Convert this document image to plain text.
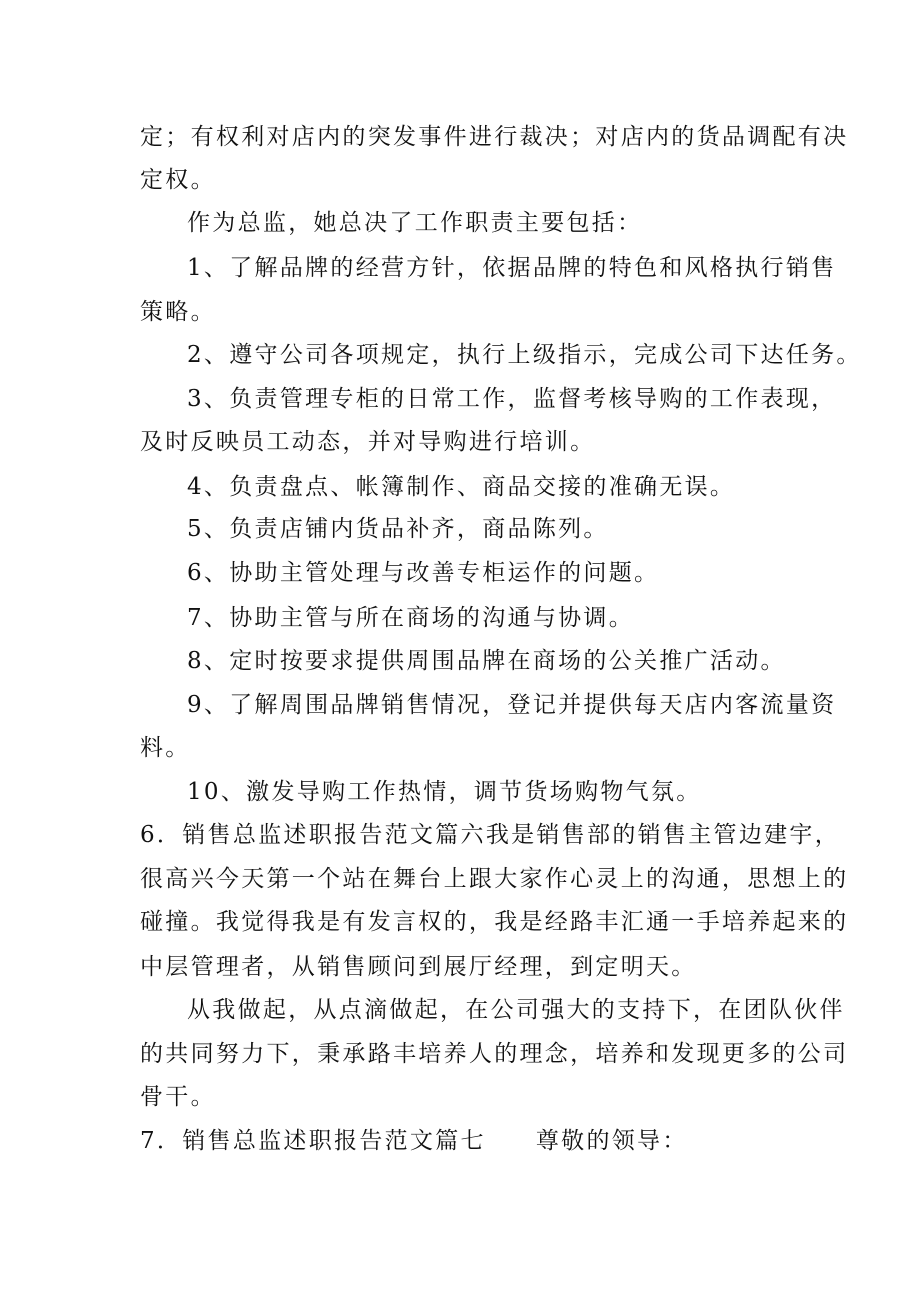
定；有权利对店内的突发事件进行裁决；对店内的货品调配有决
定权。
作为总监，她总决了工作职责主要包括：
1、了解品牌的经营方针，依据品牌的特色和风格执行销售
策略。
2、遵守公司各项规定，执行上级指示，完成公司下达任务。
3、负责管理专柜的日常工作，监督考核导购的工作表现，
及时反映员工动态，并对导购进行培训。
4、负责盘点、帐簿制作、商品交接的准确无误。
5、负责店铺内货品补齐，商品陈列。
6、协助主管处理与改善专柜运作的问题。
7、协助主管与所在商场的沟通与协调。
8、定时按要求提供周围品牌在商场的公关推广活动。
9、了解周围品牌销售情况，登记并提供每天店内客流量资
料。
10、激发导购工作热情，调节货场购物气氛。
6．销售总监述职报告范文篇六我是销售部的销售主管边建宇，
很高兴今天第一个站在舞台上跟大家作心灵上的沟通，思想上的
碰撞。我觉得我是有发言权的，我是经路丰汇通一手培养起来的
中层管理者，从销售顾问到展厅经理，到定明天。
从我做起，从点滴做起，在公司强大的支持下，在团队伙伴
的共同努力下，秉承路丰培养人的理念，培养和发现更多的公司
骨干。
7．销售总监述职报告范文篇七 尊敬的领导：
